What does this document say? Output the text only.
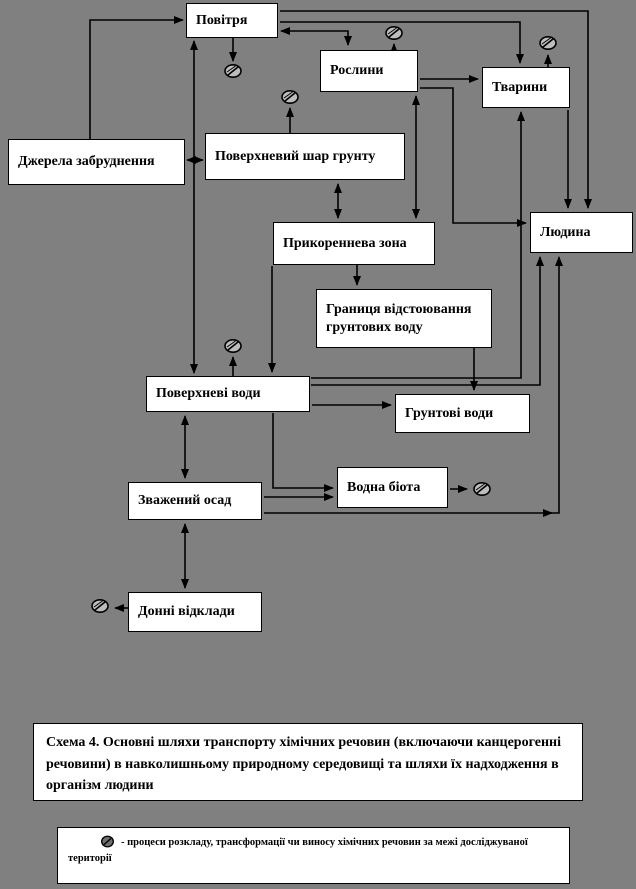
Повітря
Рослини
Тварини
Джерела забруднення	Поверхневий шар грунту
Прикореннева зона
Людина
Границя відстоювання грунтових воду
Поверхневі води
Грунтові води
Зважений осад
Водна біота
Донні відклади
Схема 4. Основні шляхи транспорту хімічних речовин (включаючи канцерогенні речовини) в навколишньому природному середовищі та шляхи їх надходження в організм людини
- процеси розкладу, трансформації чи виносу хімічних речовин за межі досліджуваної території
